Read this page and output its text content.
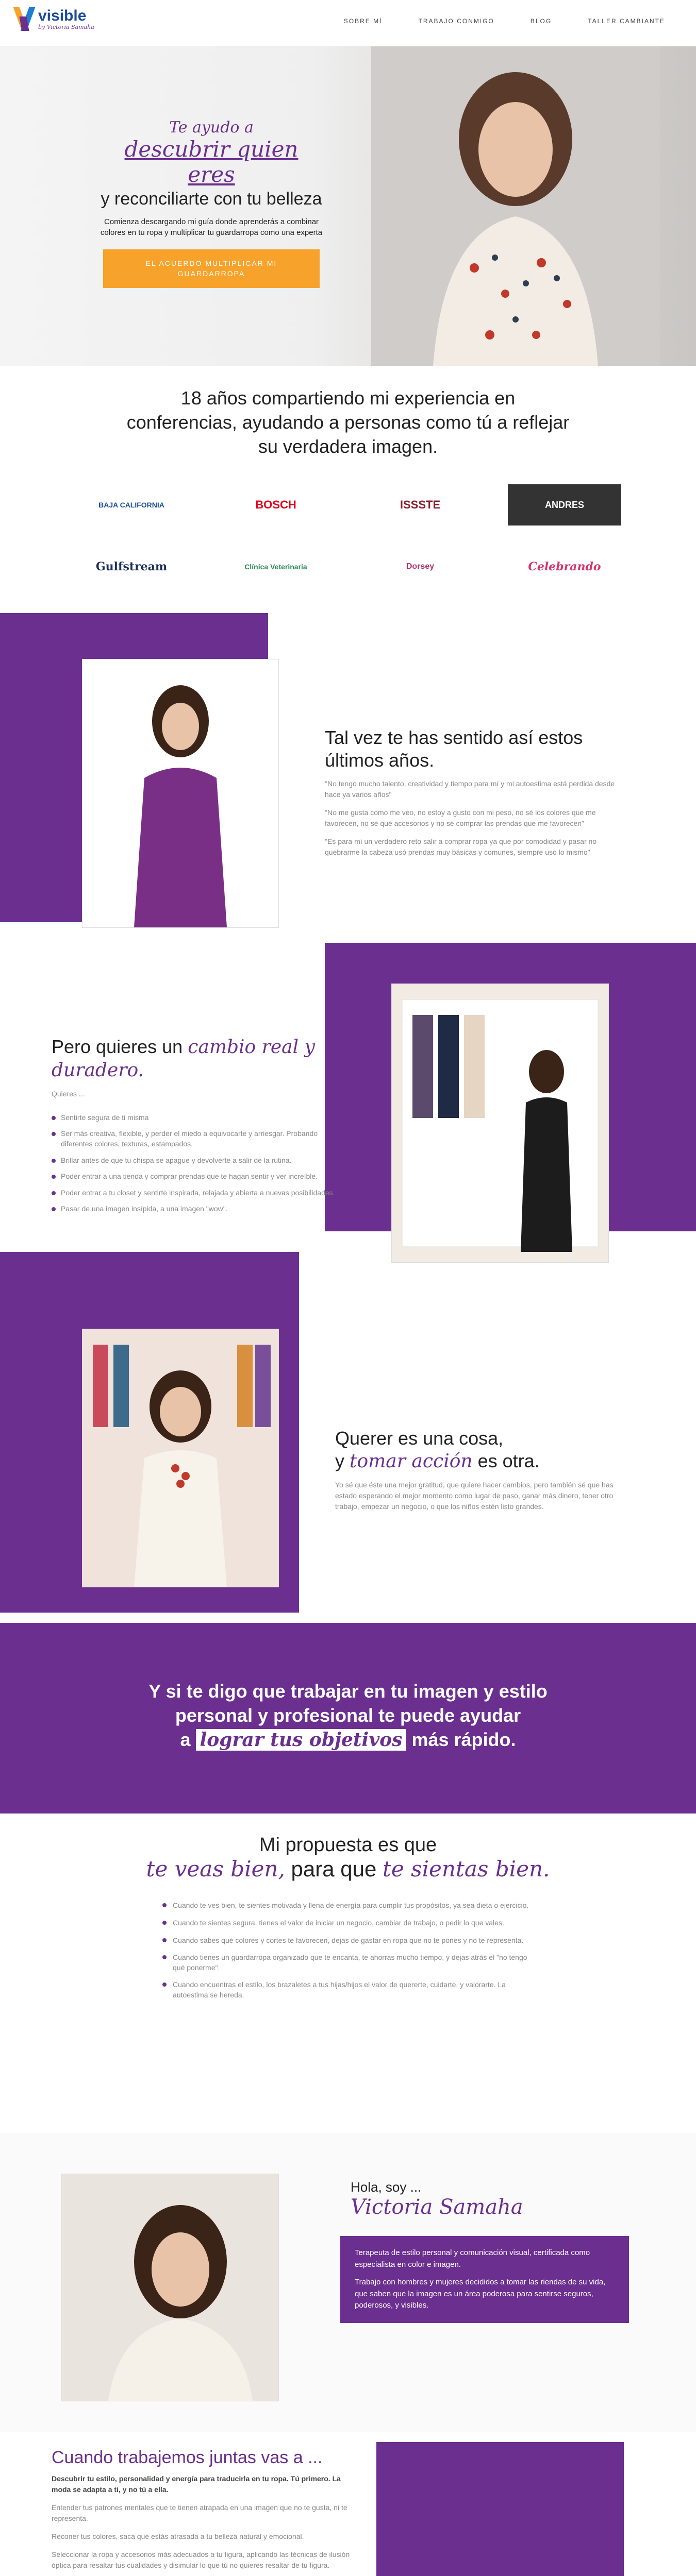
visible
by Victoria Samaha
SOBRE MÍ	TRABAJO CONMIGO	BLOG	TALLER CAMBIANTE
Te ayudo a
descubrir quien eres
y reconciliarte con tu belleza

Comienza descargando mi guía donde aprenderás a combinar colores en tu ropa y multiplicar tu guardarropa como una experta

EL ACUERDO MULTIPLICAR MI GUARDARROPA
18 años compartiendo mi experiencia en conferencias, ayudando a personas como tú a reflejar su verdadera imagen.
BAJA CALIFORNIA	BOSCH	ISSSTE	ANDRES
Gulfstream	Clínica Veterinaria	Dorsey	Celebrando
Tal vez te has sentido así estos últimos años.

"No tengo mucho talento, creatividad y tiempo para mí y mi autoestima está perdida desde hace ya varios años"

"No me gusta como me veo, no estoy a gusto con mi peso, no sé los colores que me favorecen, no sé qué accesorios y no sé comprar las prendas que me favorecen"

"Es para mí un verdadero reto salir a comprar ropa ya que por comodidad y pasar no quebrarme la cabeza usó prendas muy básicas y comunes, siempre uso lo mismo"

Pero quieres un cambio real y duradero.

Quieres ...

Sentirte segura de ti misma
Ser más creativa, flexible, y perder el miedo a equivocarte y arriesgar. Probando diferentes colores, texturas, estampados.
Brillar antes de que tu chispa se apague y devolverte a salir de la rutina.
Poder entrar a una tienda y comprar prendas que te hagan sentir y ver increíble.
Poder entrar a tu closet y sentirte inspirada, relajada y abierta a nuevas posibilidades.
Pasar de una imagen insípida, a una imagen "wow".
Querer es una cosa,
y tomar acción es otra.

Yo sé que éste una mejor gratitud, que quiere hacer cambios, pero también sé que has estado esperando el mejor momento como lugar de paso, ganar más dinero, tener otro trabajo, empezar un negocio, o que los niños estén listo grandes.

Y si te digo que trabajar en tu imagen y estilo

personal y profesional te puede ayudar

a lograr tus objetivos más rápido.

Mi propuesta es que
te veas bien, para que te sientas bien.
Cuando te ves bien, te sientes motivada y llena de energía para cumplir tus propósitos, ya sea dieta o ejercicio.
Cuando te sientes segura, tienes el valor de iniciar un negocio, cambiar de trabajo, o pedir lo que vales.
Cuando sabes qué colores y cortes te favorecen, dejas de gastar en ropa que no te pones y no te representa.
Cuando tienes un guardarropa organizado que te encanta, te ahorras mucho tiempo, y dejas atrás el "no tengo qué ponerme".
Cuando encuentras el estilo, los brazaletes a tus hijas/hijos el valor de quererte, cuidarte, y valorarte. La autoestima se hereda.
Hola, soy ...
Victoria Samaha

Terapeuta de estilo personal y comunicación visual, certificada como especialista en color e imagen.

Trabajo con hombres y mujeres decididos a tomar las riendas de su vida, que saben que la imagen es un área poderosa para sentirse seguros, poderosos, y visibles.

Cuando trabajemos juntas vas a ...

Descubrir tu estilo, personalidad y energía para traducirla en tu ropa. Tú primero. La moda se adapta a ti, y no tú a ella.

Entender tus patrones mentales que te tienen atrapada en una imagen que no te gusta, ni te representa.

Reconer tus colores, saca que estás atrasada a tu belleza natural y emocional.

Seleccionar la ropa y accesorios más adecuados a tu figura, aplicando las técnicas de ilusión óptica para resaltar tus cualidades y disimular lo que tú no quieres resaltar de tu figura.
